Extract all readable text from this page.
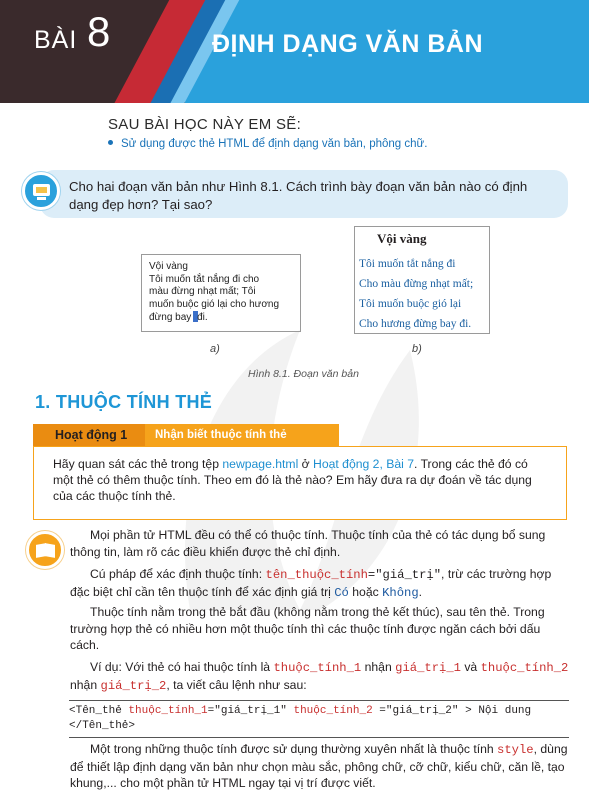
BÀI 8	ĐỊNH DẠNG VĂN BẢN
SAU BÀI HỌC NÀY EM SẼ:
Sử dụng được thẻ HTML để định dạng văn bản, phông chữ.
Cho hai đoạn văn bản như Hình 8.1. Cách trình bày đoạn văn bản nào có định
dạng đẹp hơn? Tại sao?
Vội vàng
Tôi muốn tắt nắng đi cho
màu đừng nhạt mất; Tôi
muốn buộc gió lại cho hương
đừng bay đi.
Vội vàng
Tôi muốn tắt nắng đi
Cho màu đừng nhạt mất;
Tôi muốn buộc gió lại
Cho hương đừng bay đi.
a)	b)
Hình 8.1. Đoạn văn bản
1. THUỘC TÍNH THẺ
Hoạt động 1 Nhận biết thuộc tính thẻ
Hãy quan sát các thẻ trong tệp newpage.html ở Hoạt động 2, Bài 7. Trong các thẻ đó có một thẻ có thêm thuộc tính. Theo em đó là thẻ nào? Em hãy đưa ra dự đoán về tác dụng của các thuộc tính thẻ.
Mọi phần tử HTML đều có thể có thuộc tính. Thuộc tính của thẻ có tác dụng bổ sung thông tin, làm rõ các điều khiển được thẻ chỉ định.
Cú pháp để xác định thuộc tính: tên_thuộc_tính="giá_trị", trừ các trường hợp đặc biệt chỉ cần tên thuộc tính để xác định giá trị Có hoặc Không.
Thuộc tính nằm trong thẻ bắt đầu (không nằm trong thẻ kết thúc), sau tên thẻ. Trong trường hợp thẻ có nhiều hơn một thuộc tính thì các thuộc tính được ngăn cách bởi dấu cách.
Ví dụ: Với thẻ có hai thuộc tính là thuộc_tính_1 nhận giá_trị_1 và thuộc_tính_2 nhận giá_trị_2, ta viết câu lệnh như sau:
<Tên_thẻ thuộc_tính_1="giá_trị_1" thuộc_tính_2 ="giá_trị_2" > Nội dung </Tên_thẻ>
Một trong những thuộc tính được sử dụng thường xuyên nhất là thuộc tính style, dùng để thiết lập định dạng văn bản như chọn màu sắc, phông chữ, cỡ chữ, kiểu chữ, căn lề, tạo khung,... cho một phần tử HTML ngay tại vị trí được viết.
